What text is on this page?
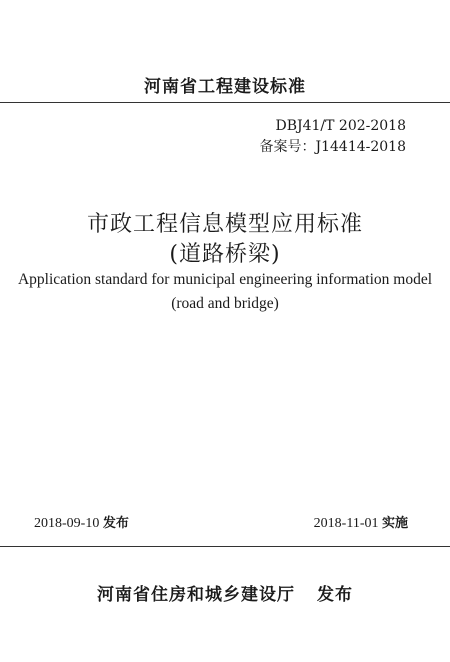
河南省工程建设标准
DBJ41/T 202-2018
备案号：J14414-2018
市政工程信息模型应用标准
(道路桥梁)
Application standard for municipal engineering information model
(road and bridge)
2018-09-10 发布	2018-11-01 实施
河南省住房和城乡建设厅 发布
